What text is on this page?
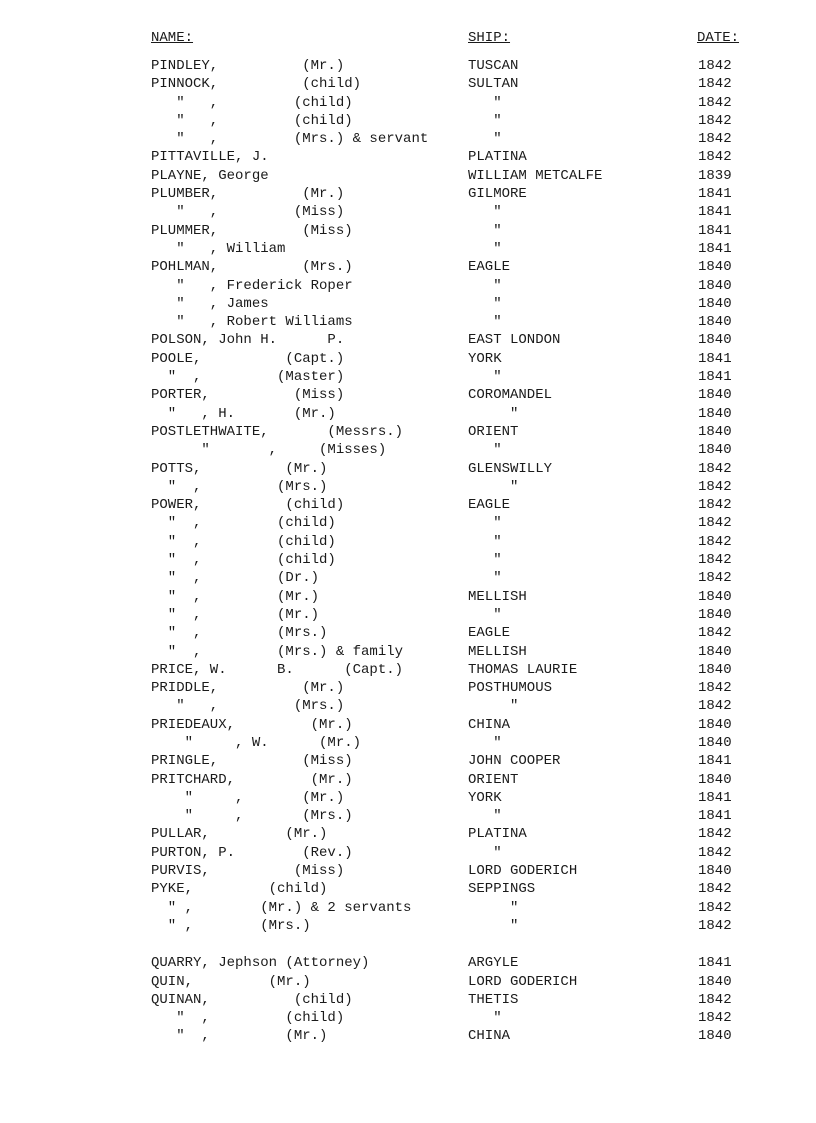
NAME:	SHIP:	DATE:
PINDLEY,          (Mr.)	TUSCAN	1842
PINNOCK,          (child)	SULTAN	1842
"   ,         (child)	"	1842
"   ,         (child)	"	1842
"   ,         (Mrs.) & servant	"	1842
PITTAVILLE, J.	PLATINA	1842
PLAYNE, George	WILLIAM METCALFE	1839
PLUMBER,          (Mr.)	GILMORE	1841
"   ,         (Miss)	"	1841
PLUMMER,          (Miss)	"	1841
"   , William	"	1841
POHLMAN,          (Mrs.)	EAGLE	1840
"   , Frederick Roper	"	1840
"   , James	"	1840
"   , Robert Williams	"	1840
POLSON, John H.      P.	EAST LONDON	1840
POOLE,          (Capt.)	YORK	1841
"  ,         (Master)	"	1841
PORTER,          (Miss)	COROMANDEL	1840
"   , H.       (Mr.)	"	1840
POSTLETHWAITE,       (Messrs.)	ORIENT	1840
"       ,     (Misses)	"	1840
POTTS,          (Mr.)	GLENSWILLY	1842
"  ,         (Mrs.)	"	1842
POWER,          (child)	EAGLE	1842
"  ,         (child)	"	1842
"  ,         (child)	"	1842
"  ,         (child)	"	1842
"  ,         (Dr.)	"	1842
"  ,         (Mr.)	MELLISH	1840
"  ,         (Mr.)	"	1840
"  ,         (Mrs.)	EAGLE	1842
"  ,         (Mrs.) & family	MELLISH	1840
PRICE, W.      B.      (Capt.)	THOMAS LAURIE	1840
PRIDDLE,          (Mr.)	POSTHUMOUS	1842
"   ,         (Mrs.)	"	1842
PRIEDEAUX,         (Mr.)	CHINA	1840
"     , W.      (Mr.)	"	1840
PRINGLE,          (Miss)	JOHN COOPER	1841
PRITCHARD,         (Mr.)	ORIENT	1840
"     ,       (Mr.)	YORK	1841
"     ,       (Mrs.)	"	1841
PULLAR,         (Mr.)	PLATINA	1842
PURTON, P.        (Rev.)	"	1842
PURVIS,          (Miss)	LORD GODERICH	1840
PYKE,         (child)	SEPPINGS	1842
" ,        (Mr.) & 2 servants	"	1842
" ,        (Mrs.)	"	1842
QUARRY, Jephson (Attorney)	ARGYLE	1841
QUIN,         (Mr.)	LORD GODERICH	1840
QUINAN,          (child)	THETIS	1842
"  ,         (child)	"	1842
"  ,         (Mr.)	CHINA	1840
